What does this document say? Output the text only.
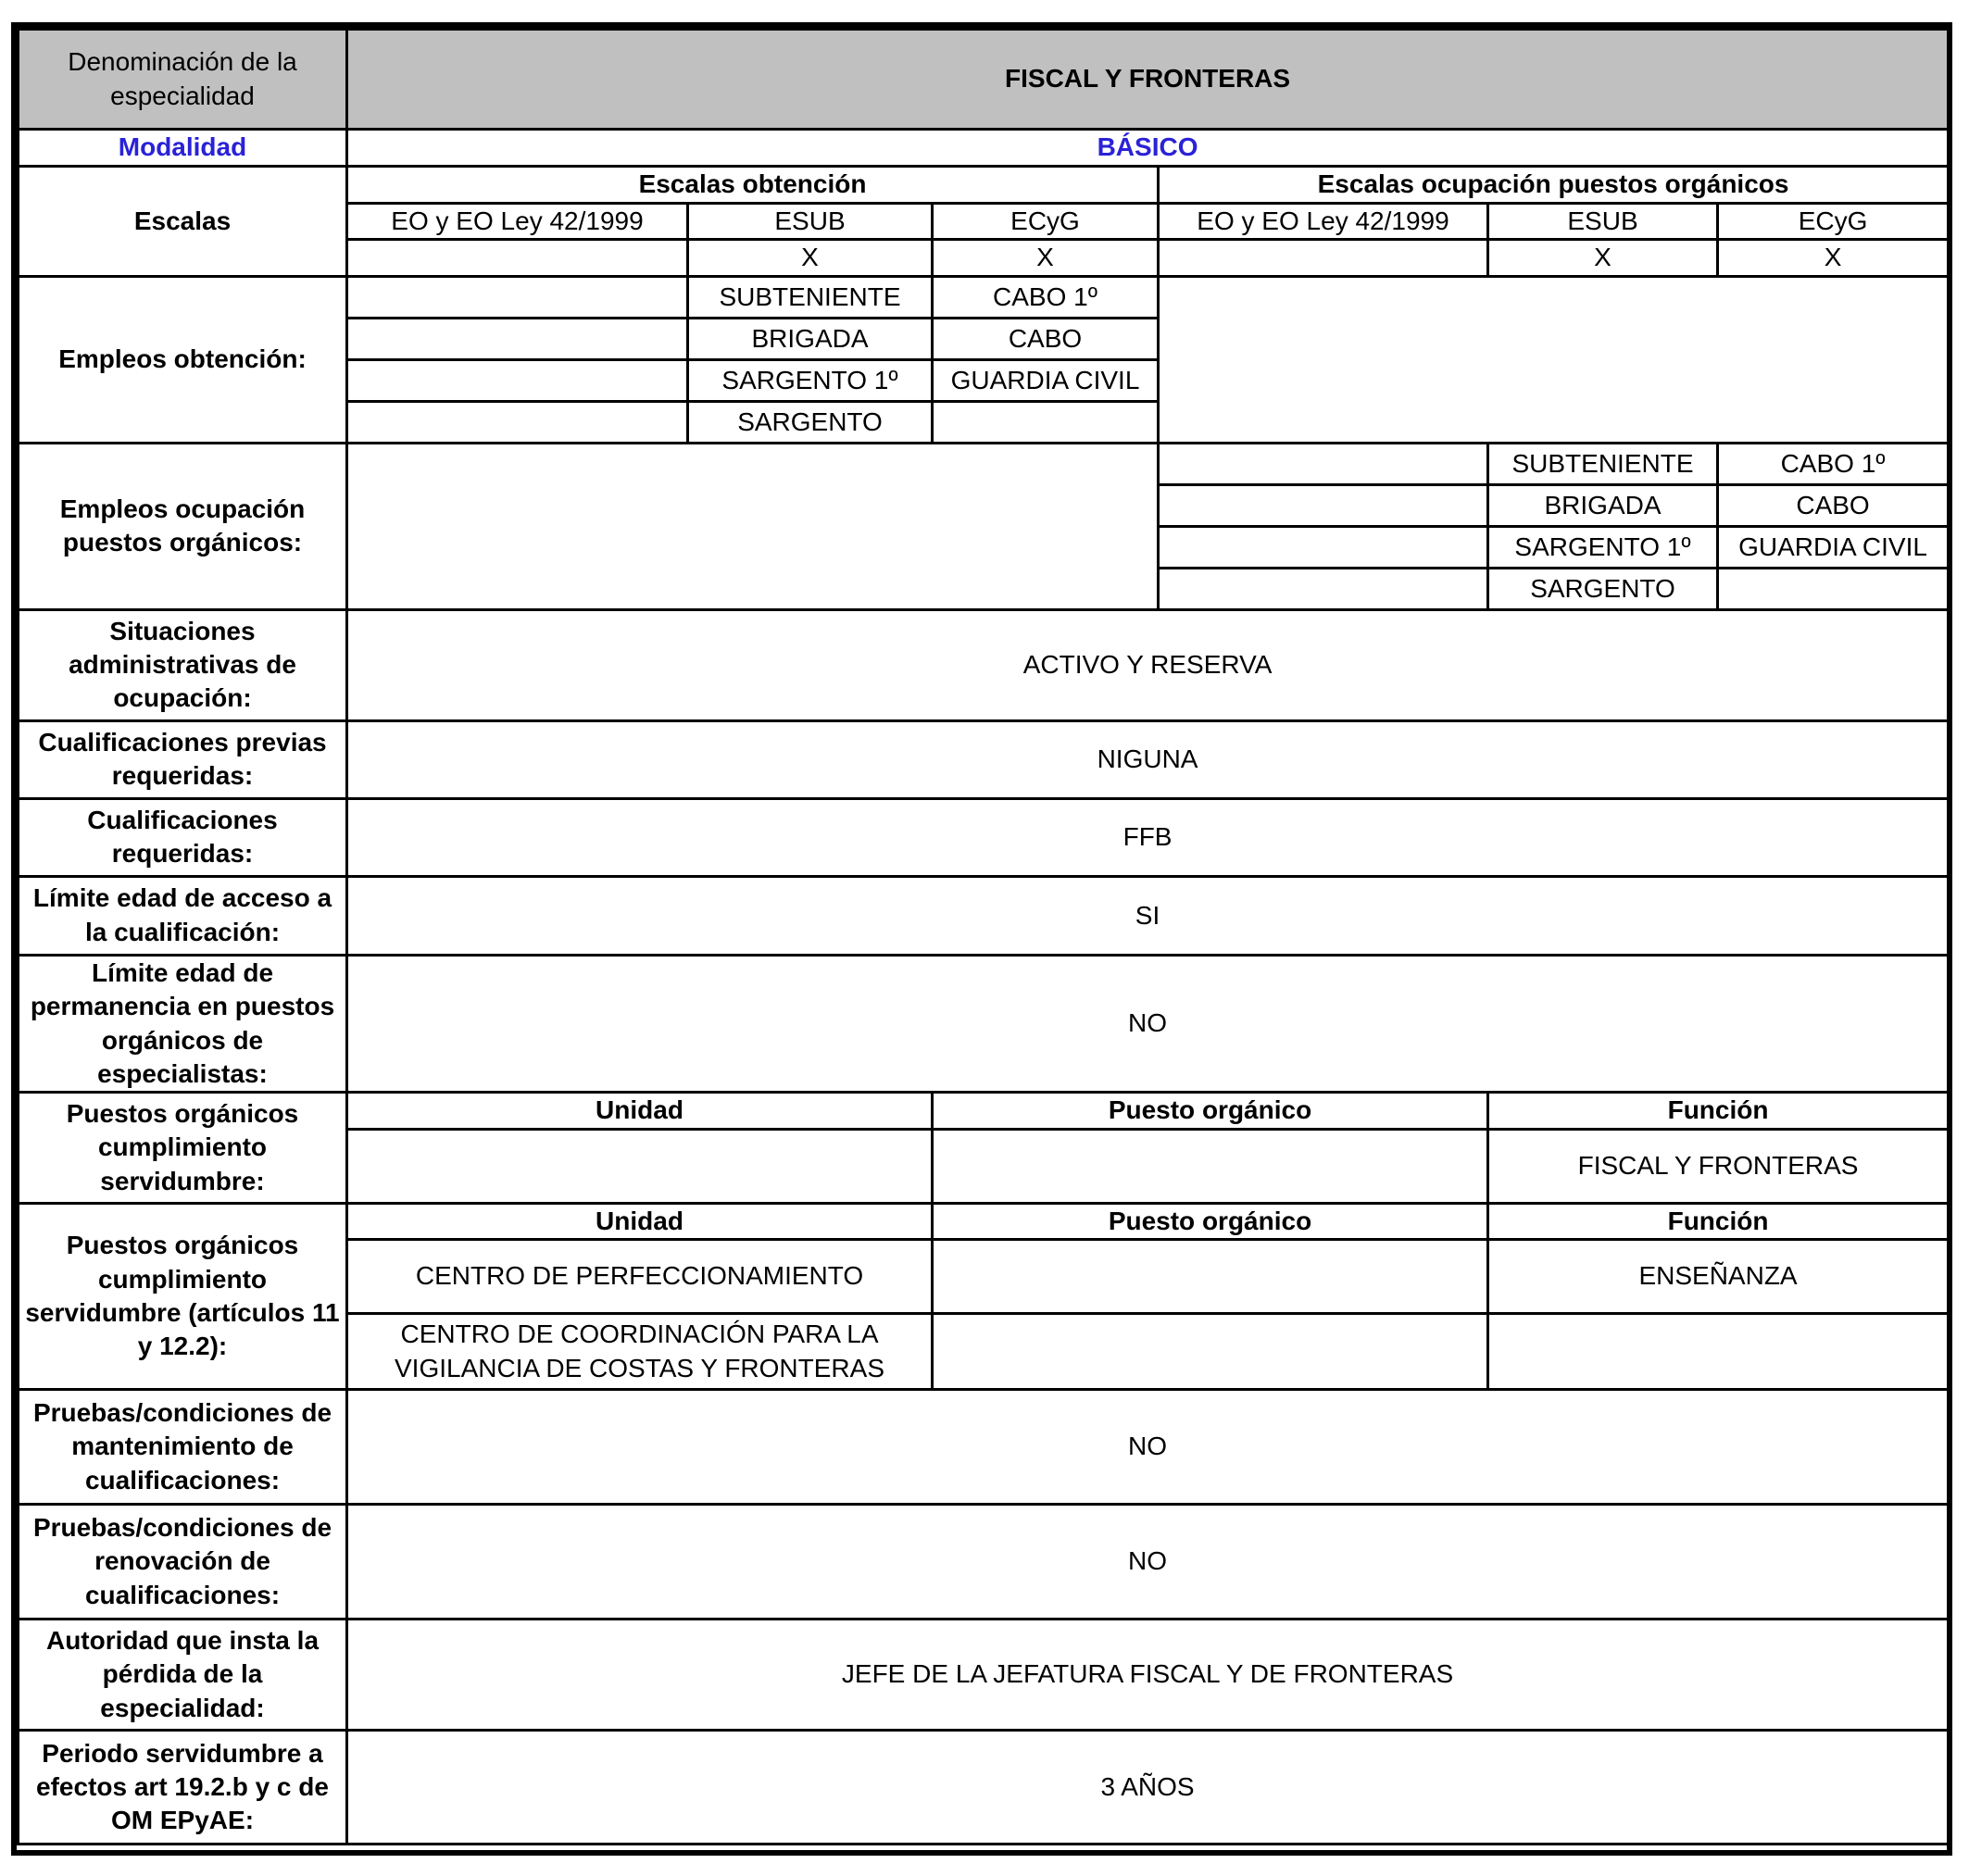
Denominación de la especialidad	FISCAL Y FRONTERAS					
Modalidad	BÁSICO					
Escalas	Escalas obtención			Escalas ocupación puestos orgánicos		
	EO y EO Ley 42/1999	ESUB	ECyG	EO y EO Ley 42/1999	ESUB	ECyG
		X	X		X	X
Empleos obtención:		SUBTENIENTE	CABO 1º			
		BRIGADA	CABO			
		SARGENTO 1º	GUARDIA CIVIL			
		SARGENTO				
Empleos ocupación puestos orgánicos:					SUBTENIENTE	CABO 1º
					BRIGADA	CABO
					SARGENTO 1º	GUARDIA CIVIL
					SARGENTO	
Situaciones administrativas de ocupación:	ACTIVO Y RESERVA					
Cualificaciones previas requeridas:	NIGUNA					
Cualificaciones requeridas:	FFB					
Límite edad de acceso a la cualificación:	SI					
Límite edad de permanencia en puestos orgánicos de especialistas:	NO					
Puestos orgánicos cumplimiento servidumbre:	Unidad		Puesto orgánico		Función	
					FISCAL Y FRONTERAS	
Puestos orgánicos cumplimiento servidumbre (artículos 11 y 12.2):	Unidad		Puesto orgánico		Función	
	CENTRO DE PERFECCIONAMIENTO				ENSEÑANZA	
	CENTRO DE COORDINACIÓN PARA LA VIGILANCIA DE COSTAS Y FRONTERAS					
Pruebas/condiciones de mantenimiento de cualificaciones:	NO					
Pruebas/condiciones de renovación de cualificaciones:	NO					
Autoridad que insta la pérdida de la especialidad:	JEFE DE LA JEFATURA FISCAL Y DE FRONTERAS					
Periodo servidumbre a efectos art 19.2.b y c de OM EPyAE:	3 AÑOS					
